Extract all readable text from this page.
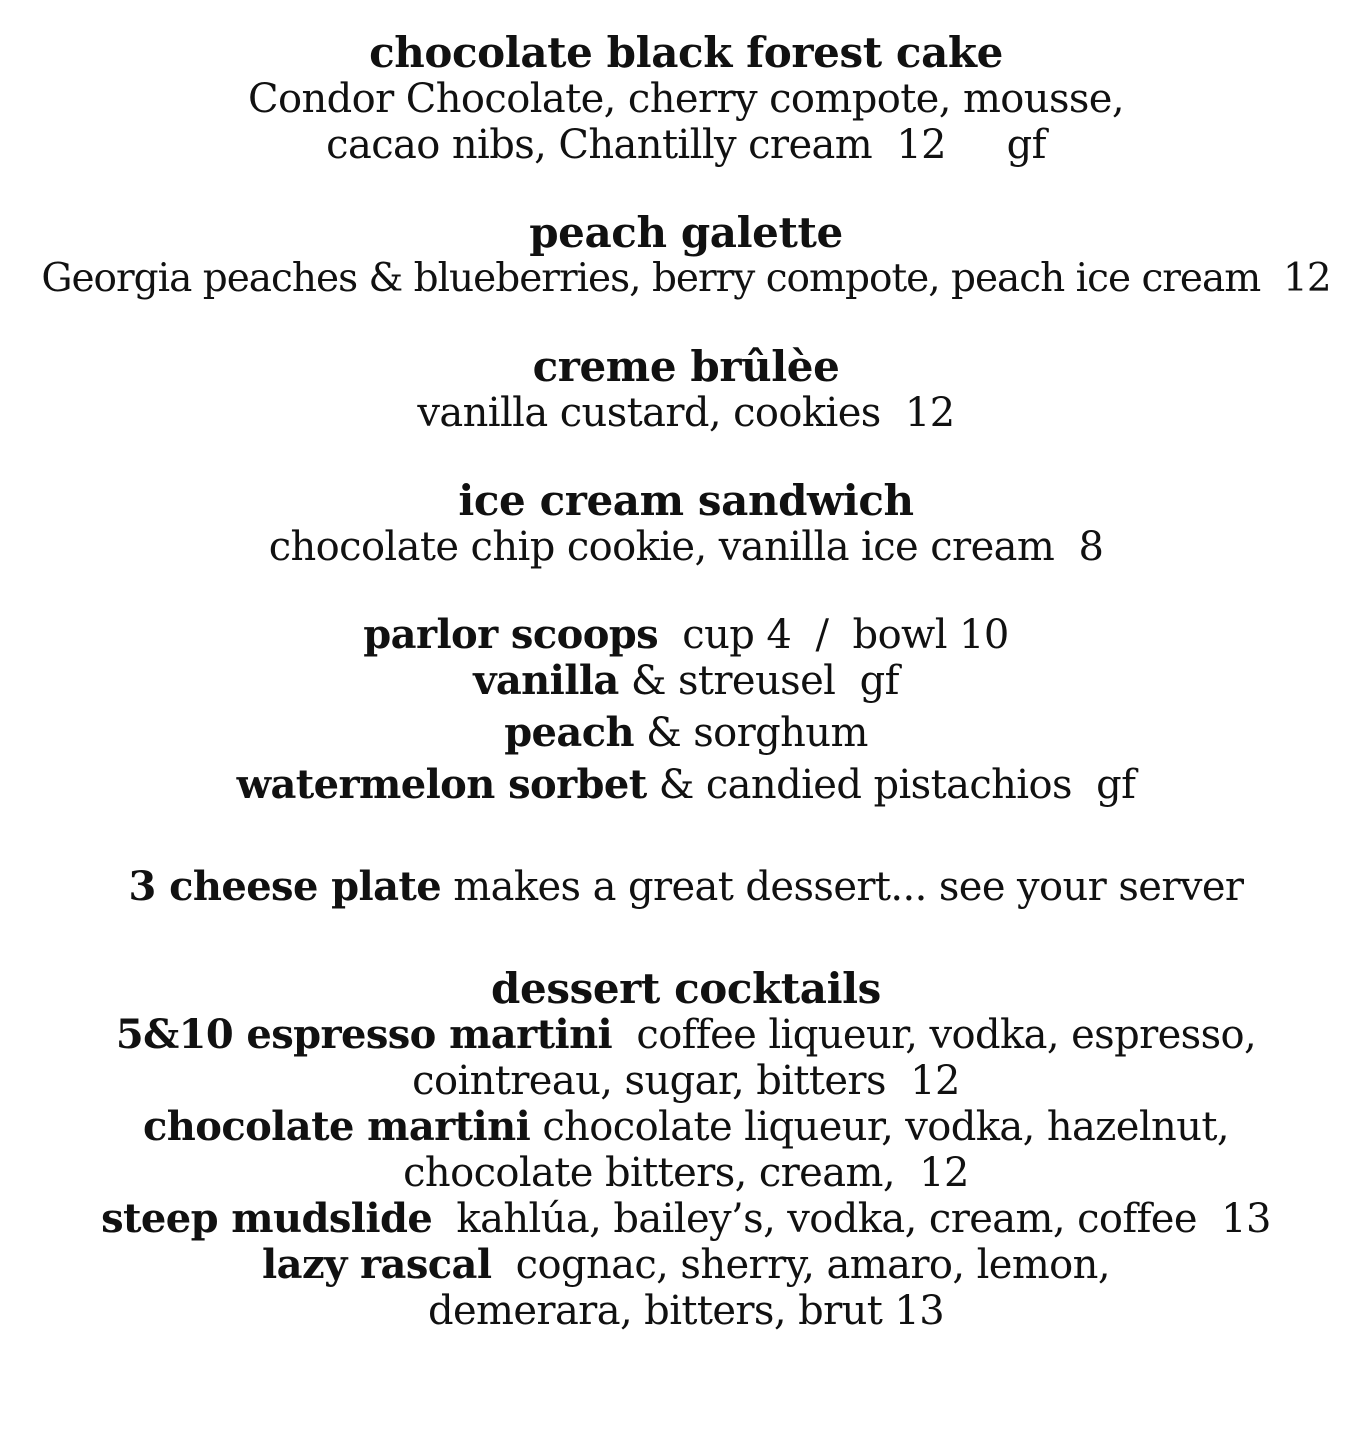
chocolate black forest cake
Condor Chocolate, cherry compote, mousse,
cacao nibs, Chantilly cream  12     gf
peach galette
Georgia peaches & blueberries, berry compote, peach ice cream  12
creme brûlèe
vanilla custard, cookies  12
ice cream sandwich
chocolate chip cookie, vanilla ice cream  8
parlor scoops  cup 4  /  bowl 10
vanilla & streusel  gf
peach & sorghum
watermelon sorbet & candied pistachios  gf
3 cheese plate makes a great dessert... see your server
dessert cocktails
5&10 espresso martini  coffee liqueur, vodka, espresso,
cointreau, sugar, bitters  12
chocolate martini chocolate liqueur, vodka, hazelnut,
chocolate bitters, cream,  12
steep mudslide  kahlúa, bailey’s, vodka, cream, coffee  13
lazy rascal  cognac, sherry, amaro, lemon,
demerara, bitters, brut 13
